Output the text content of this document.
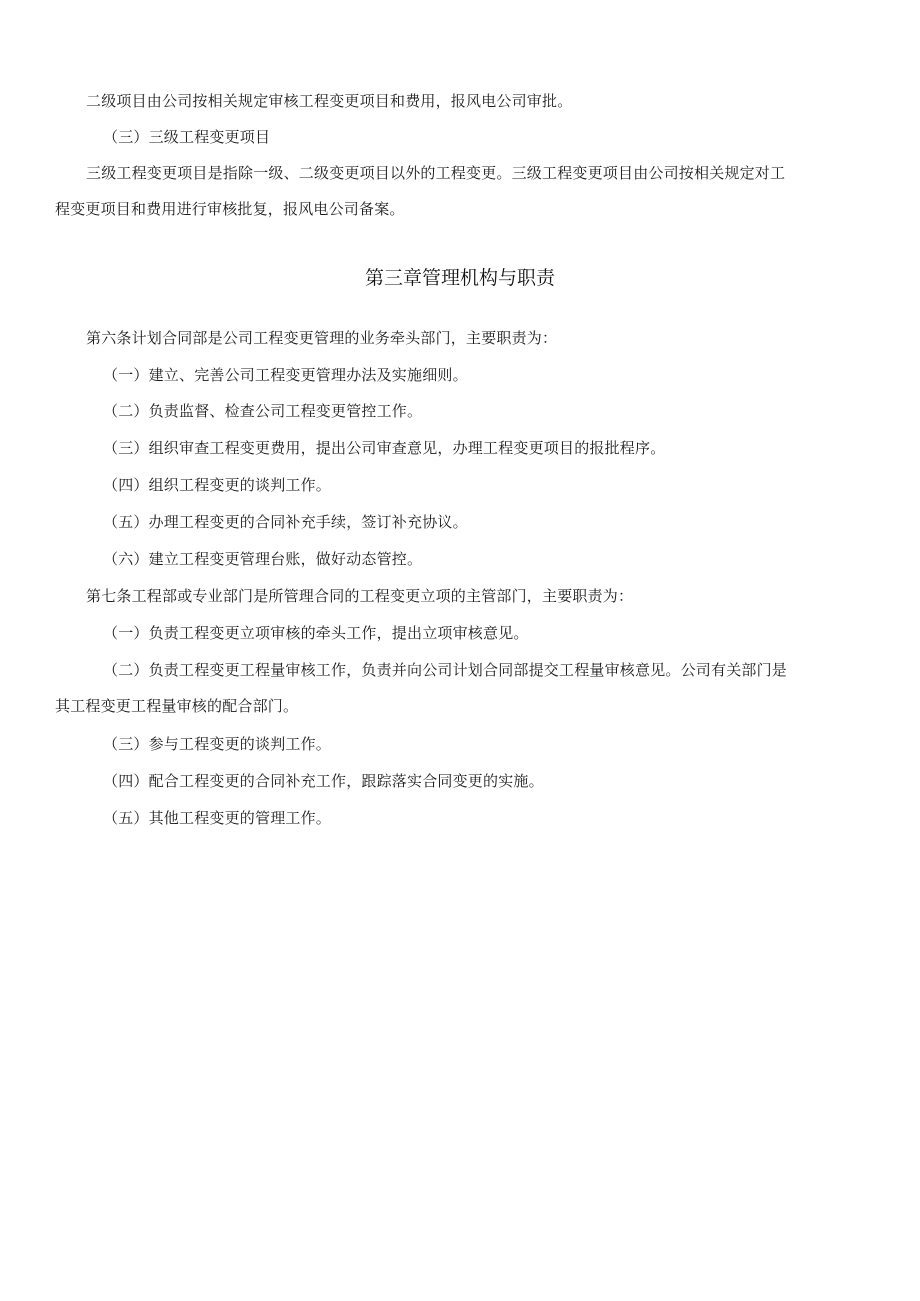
二级项目由公司按相关规定审核工程变更项目和费用，报风电公司审批。
（三）三级工程变更项目
三级工程变更项目是指除一级、二级变更项目以外的工程变更。三级工程变更项目由公司按相关规定对工
程变更项目和费用进行审核批复，报风电公司备案。
第三章管理机构与职责
第六条计划合同部是公司工程变更管理的业务牵头部门，主要职责为：
（一）建立、完善公司工程变更管理办法及实施细则。
（二）负责监督、检查公司工程变更管控工作。
（三）组织审查工程变更费用，提出公司审查意见，办理工程变更项目的报批程序。
（四）组织工程变更的谈判工作。
（五）办理工程变更的合同补充手续，签订补充协议。
（六）建立工程变更管理台账，做好动态管控。
第七条工程部或专业部门是所管理合同的工程变更立项的主管部门，主要职责为：
（一）负责工程变更立项审核的牵头工作，提出立项审核意见。
（二）负责工程变更工程量审核工作，负责并向公司计划合同部提交工程量审核意见。公司有关部门是
其工程变更工程量审核的配合部门。
（三）参与工程变更的谈判工作。
（四）配合工程变更的合同补充工作，跟踪落实合同变更的实施。
（五）其他工程变更的管理工作。
